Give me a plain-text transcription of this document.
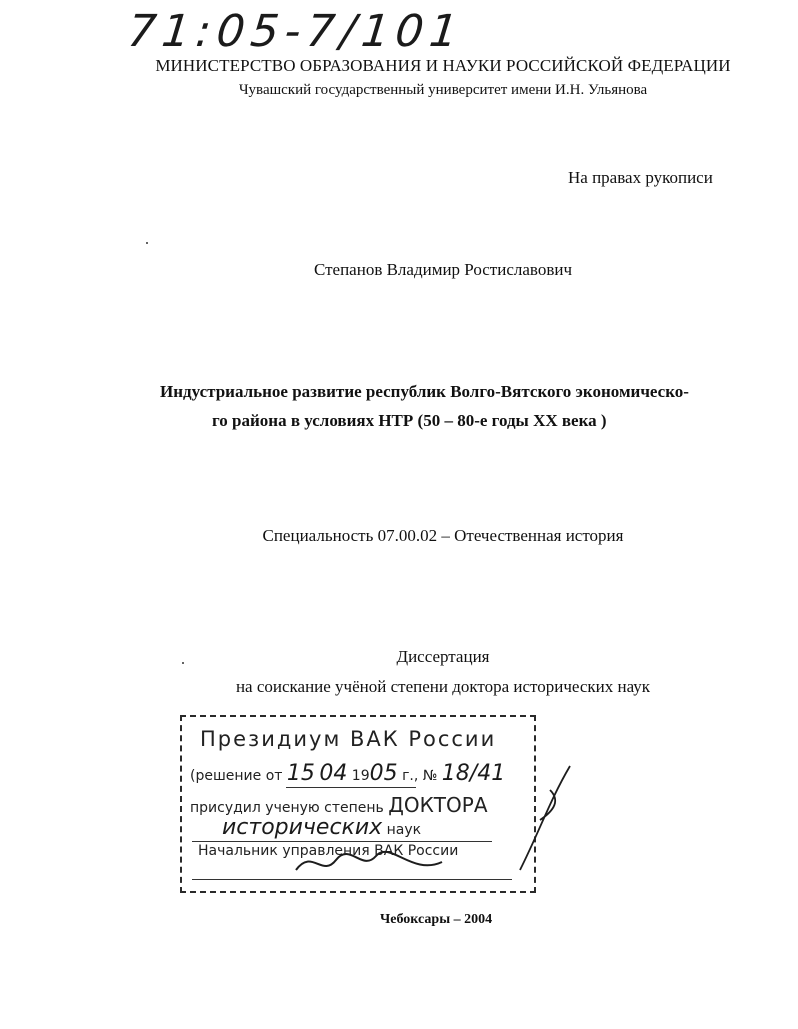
71:05-7/101
МИНИСТЕРСТВО ОБРАЗОВАНИЯ И НАУКИ РОССИЙСКОЙ ФЕДЕРАЦИИ
Чувашский государственный университет имени И.Н. Ульянова
На правах рукописи
Степанов Владимир Ростиславович
Индустриальное развитие республик Волго-Вятского экономическо-
го района в условиях НТР (50 – 80-е годы XX века )
Специальность 07.00.02 – Отечественная история
Диссертация
на соискание учёной степени доктора исторических наук
Президиум ВАК России
(решение от 15 04 1905 г., № 18/41
присудил ученую степень ДОКТОРА
исторических наук
Начальник управления ВАК России
Чебоксары – 2004
